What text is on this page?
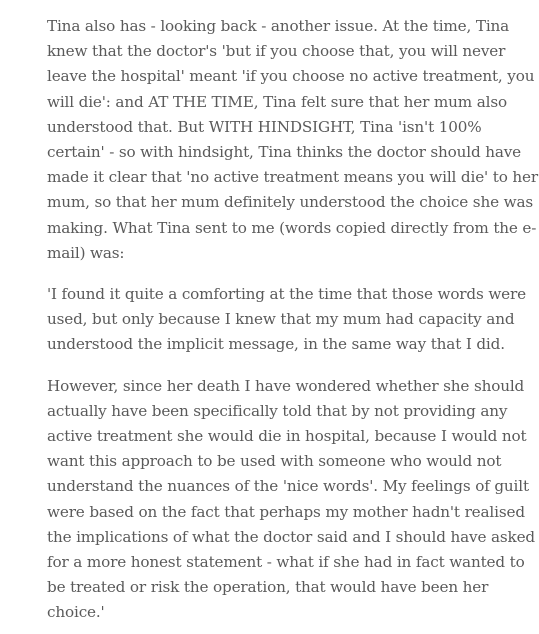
Tina also has - looking back - another issue. At the time, Tina

knew that the doctor's 'but if you choose that, you will never

leave the hospital' meant 'if you choose no active treatment, you

will die': and AT THE TIME, Tina felt sure that her mum also

understood that. But WITH HINDSIGHT, Tina 'isn't 100%

certain' - so with hindsight, Tina thinks the doctor should have

made it clear that 'no active treatment means you will die' to her

mum, so that her mum definitely understood the choice she was

making. What Tina sent to me (words copied directly from the e-

mail) was:

'I found it quite a comforting at the time that those words were

used, but only because I knew that my mum had capacity and

understood the implicit message, in the same way that I did.

However, since her death I have wondered whether she should

actually have been specifically told that by not providing any

active treatment she would die in hospital, because I would not

want this approach to be used with someone who would not

understand the nuances of the 'nice words'. My feelings of guilt

were based on the fact that perhaps my mother hadn't realised

the implications of what the doctor said and I should have asked

for a more honest statement - what if she had in fact wanted to

be treated or risk the operation, that would have been her

choice.'
